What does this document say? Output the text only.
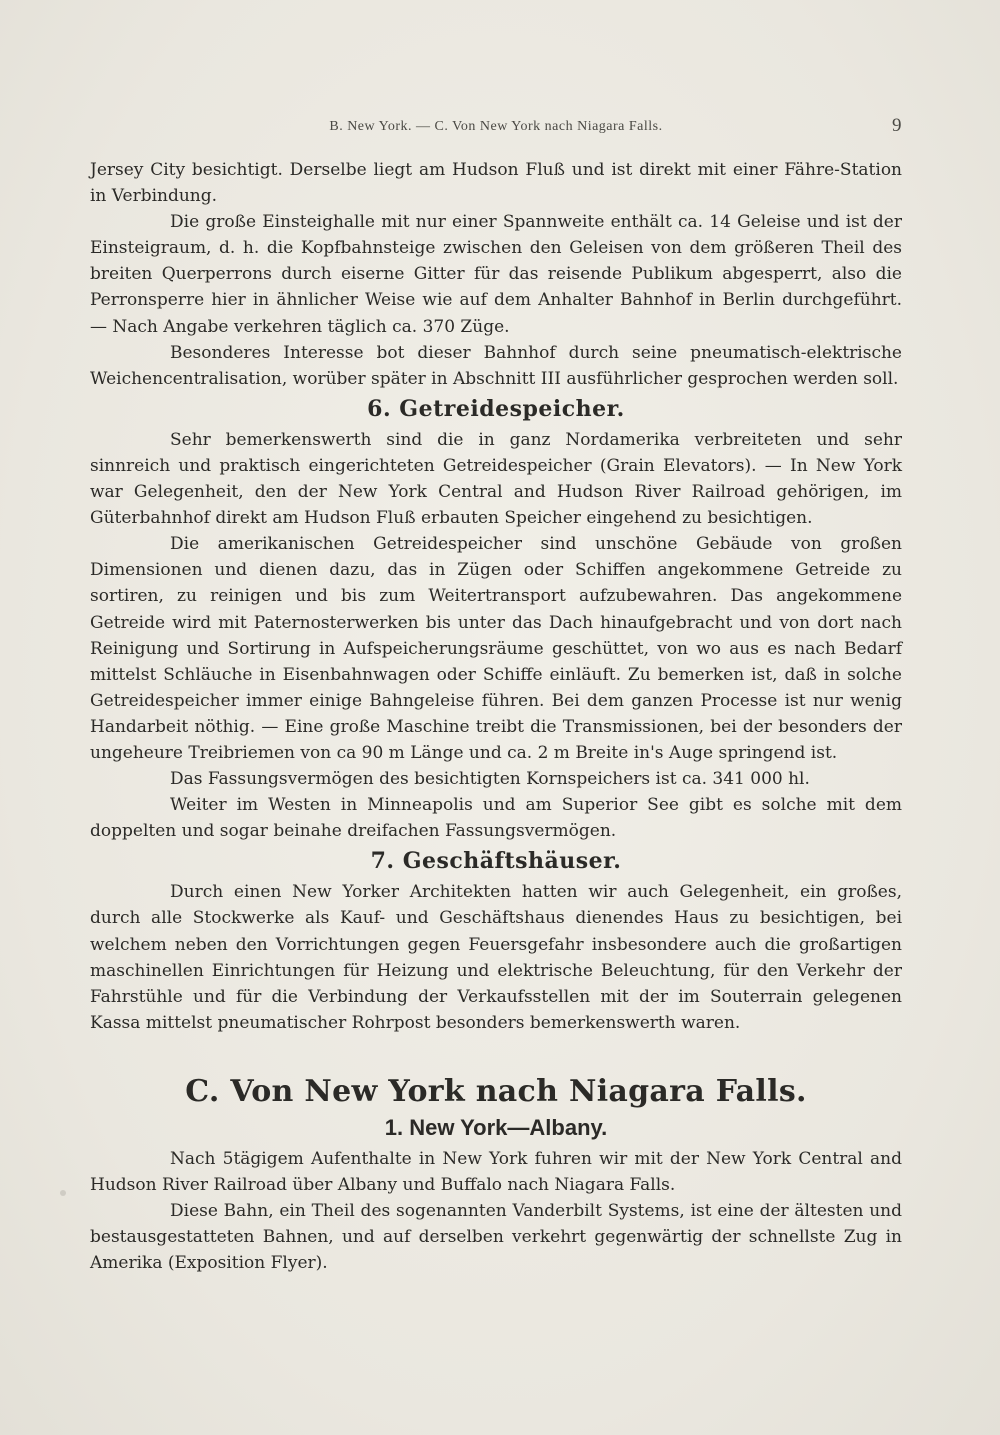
B. New York. — C. Von New York nach Niagara Falls.	9

Jersey City besichtigt. Derselbe liegt am Hudson Fluß und ist direkt mit einer Fähre-Station in Verbindung.

Die große Einsteighalle mit nur einer Spannweite enthält ca. 14 Geleise und ist der Einsteigraum, d. h. die Kopfbahnsteige zwischen den Geleisen von dem größeren Theil des breiten Querperrons durch eiserne Gitter für das reisende Publikum abgesperrt, also die Perronsperre hier in ähnlicher Weise wie auf dem Anhalter Bahnhof in Berlin durchgeführt. — Nach Angabe verkehren täglich ca. 370 Züge.

Besonderes Interesse bot dieser Bahnhof durch seine pneumatisch-elektrische Weichencentralisation, worüber später in Abschnitt III ausführlicher gesprochen werden soll.

6. Getreidespeicher.

Sehr bemerkenswerth sind die in ganz Nordamerika verbreiteten und sehr sinnreich und praktisch eingerichteten Getreidespeicher (Grain Elevators). — In New York war Gelegenheit, den der New York Central and Hudson River Railroad gehörigen, im Güterbahnhof direkt am Hudson Fluß erbauten Speicher eingehend zu besichtigen.

Die amerikanischen Getreidespeicher sind unschöne Gebäude von großen Dimensionen und dienen dazu, das in Zügen oder Schiffen angekommene Getreide zu sortiren, zu reinigen und bis zum Weitertransport aufzubewahren. Das angekommene Getreide wird mit Paternosterwerken bis unter das Dach hinaufgebracht und von dort nach Reinigung und Sortirung in Aufspeicherungsräume geschüttet, von wo aus es nach Bedarf mittelst Schläuche in Eisenbahnwagen oder Schiffe einläuft. Zu bemerken ist, daß in solche Getreidespeicher immer einige Bahngeleise führen. Bei dem ganzen Processe ist nur wenig Handarbeit nöthig. — Eine große Maschine treibt die Transmissionen, bei der besonders der ungeheure Treibriemen von ca 90 m Länge und ca. 2 m Breite in's Auge springend ist.

Das Fassungsvermögen des besichtigten Kornspeichers ist ca. 341 000 hl.

Weiter im Westen in Minneapolis und am Superior See gibt es solche mit dem doppelten und sogar beinahe dreifachen Fassungsvermögen.

7. Geschäftshäuser.

Durch einen New Yorker Architekten hatten wir auch Gelegenheit, ein großes, durch alle Stockwerke als Kauf- und Geschäftshaus dienendes Haus zu besichtigen, bei welchem neben den Vorrichtungen gegen Feuersgefahr insbesondere auch die großartigen maschinellen Einrichtungen für Heizung und elektrische Beleuchtung, für den Verkehr der Fahrstühle und für die Verbindung der Verkaufsstellen mit der im Souterrain gelegenen Kassa mittelst pneumatischer Rohrpost besonders bemerkenswerth waren.

C. Von New York nach Niagara Falls.
1. New York—Albany.

Nach 5tägigem Aufenthalte in New York fuhren wir mit der New York Central and Hudson River Railroad über Albany und Buffalo nach Niagara Falls.

Diese Bahn, ein Theil des sogenannten Vanderbilt Systems, ist eine der ältesten und bestausgestatteten Bahnen, und auf derselben verkehrt gegenwärtig der schnellste Zug in Amerika (Exposition Flyer).
